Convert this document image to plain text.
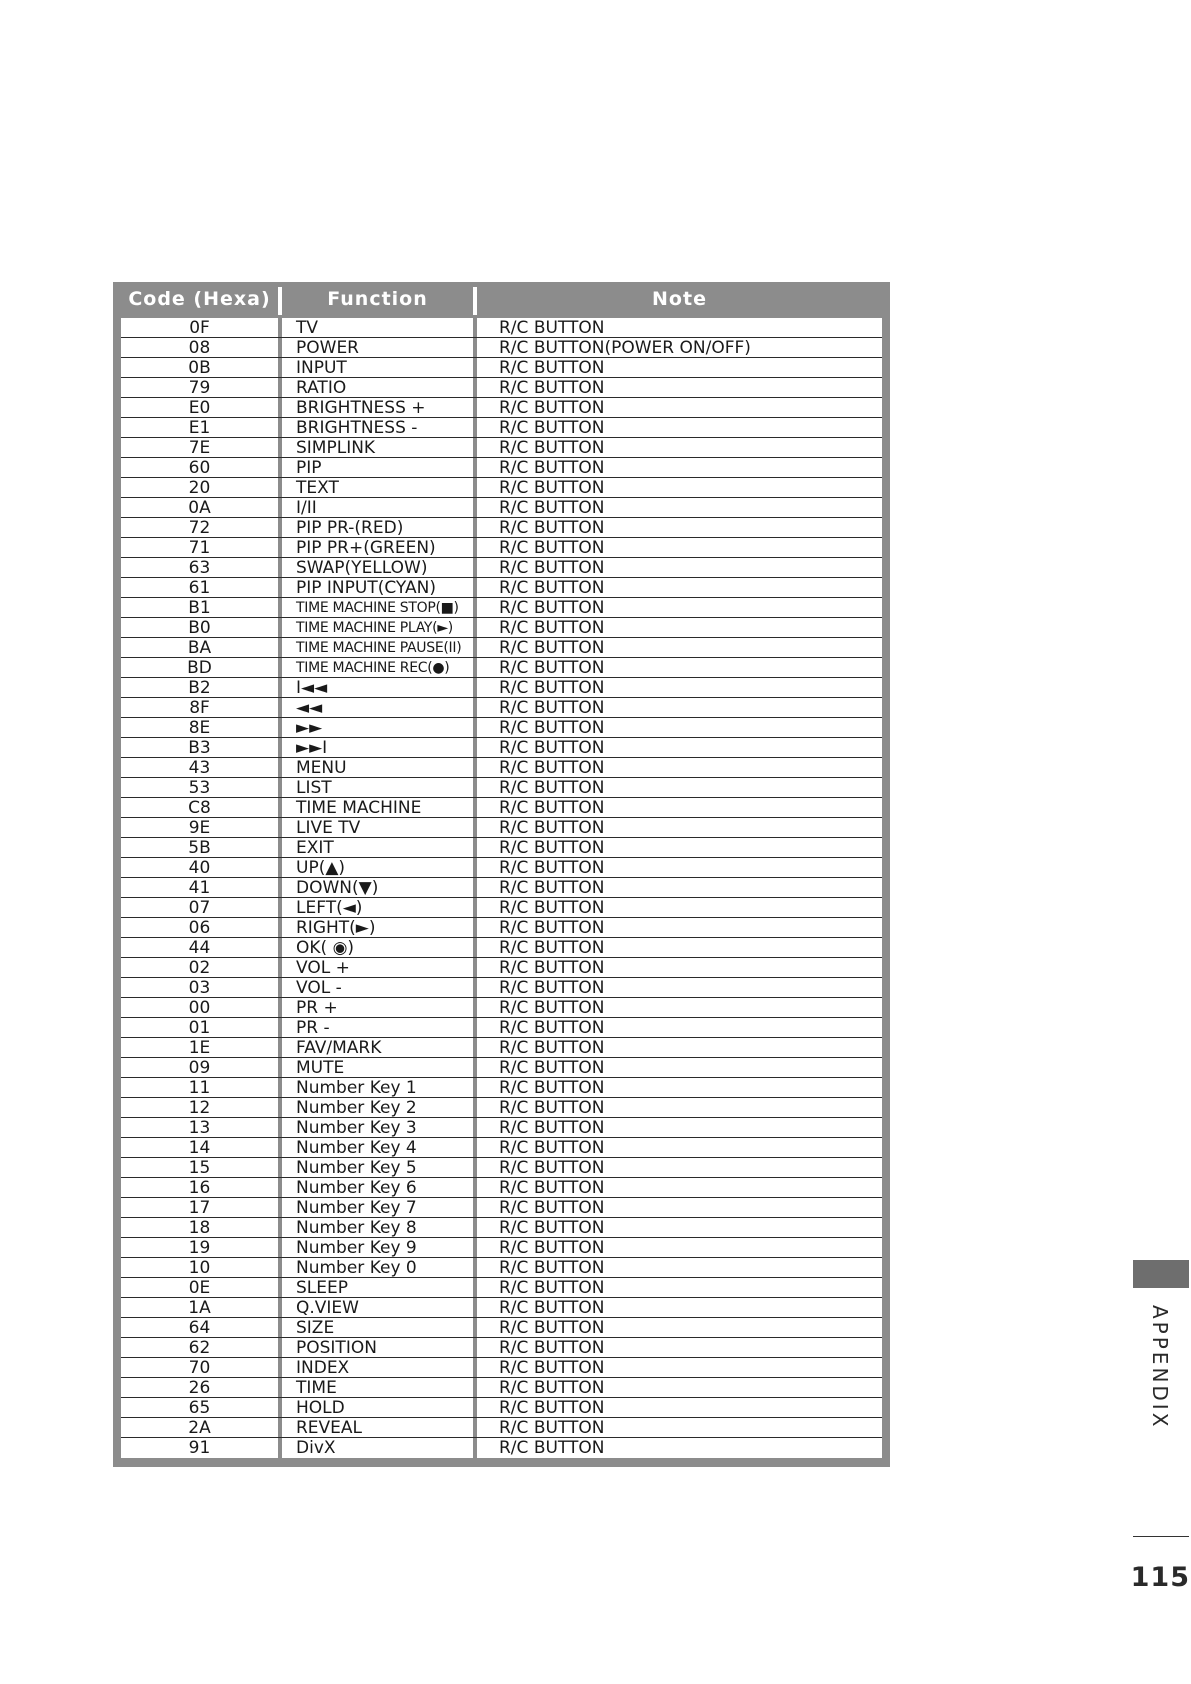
Code (Hexa)	Function	Note
0F	TV	R/C BUTTON
08	POWER	R/C BUTTON(POWER ON/OFF)
0B	INPUT	R/C BUTTON
79	RATIO	R/C BUTTON
E0	BRIGHTNESS +	R/C BUTTON
E1	BRIGHTNESS -	R/C BUTTON
7E	SIMPLINK	R/C BUTTON
60	PIP	R/C BUTTON
20	TEXT	R/C BUTTON
0A	I/II	R/C BUTTON
72	PIP PR-(RED)	R/C BUTTON
71	PIP PR+(GREEN)	R/C BUTTON
63	SWAP(YELLOW)	R/C BUTTON
61	PIP INPUT(CYAN)	R/C BUTTON
B1	TIME MACHINE STOP(■)	R/C BUTTON
B0	TIME MACHINE PLAY(►)	R/C BUTTON
BA	TIME MACHINE PAUSE(II)	R/C BUTTON
BD	TIME MACHINE REC(●)	R/C BUTTON
B2	I◄◄	R/C BUTTON
8F	◄◄	R/C BUTTON
8E	►►	R/C BUTTON
B3	►►I	R/C BUTTON
43	MENU	R/C BUTTON
53	LIST	R/C BUTTON
C8	TIME MACHINE	R/C BUTTON
9E	LIVE TV	R/C BUTTON
5B	EXIT	R/C BUTTON
40	UP(▲)	R/C BUTTON
41	DOWN(▼)	R/C BUTTON
07	LEFT(◄)	R/C BUTTON
06	RIGHT(►)	R/C BUTTON
44	OK( ◉)	R/C BUTTON
02	VOL +	R/C BUTTON
03	VOL -	R/C BUTTON
00	PR +	R/C BUTTON
01	PR -	R/C BUTTON
1E	FAV/MARK	R/C BUTTON
09	MUTE	R/C BUTTON
11	Number Key 1	R/C BUTTON
12	Number Key 2	R/C BUTTON
13	Number Key 3	R/C BUTTON
14	Number Key 4	R/C BUTTON
15	Number Key 5	R/C BUTTON
16	Number Key 6	R/C BUTTON
17	Number Key 7	R/C BUTTON
18	Number Key 8	R/C BUTTON
19	Number Key 9	R/C BUTTON
10	Number Key 0	R/C BUTTON
0E	SLEEP	R/C BUTTON
1A	Q.VIEW	R/C BUTTON
64	SIZE	R/C BUTTON
62	POSITION	R/C BUTTON
70	INDEX	R/C BUTTON
26	TIME	R/C BUTTON
65	HOLD	R/C BUTTON
2A	REVEAL	R/C BUTTON
91	DivX	R/C BUTTON
APPENDIX
115
